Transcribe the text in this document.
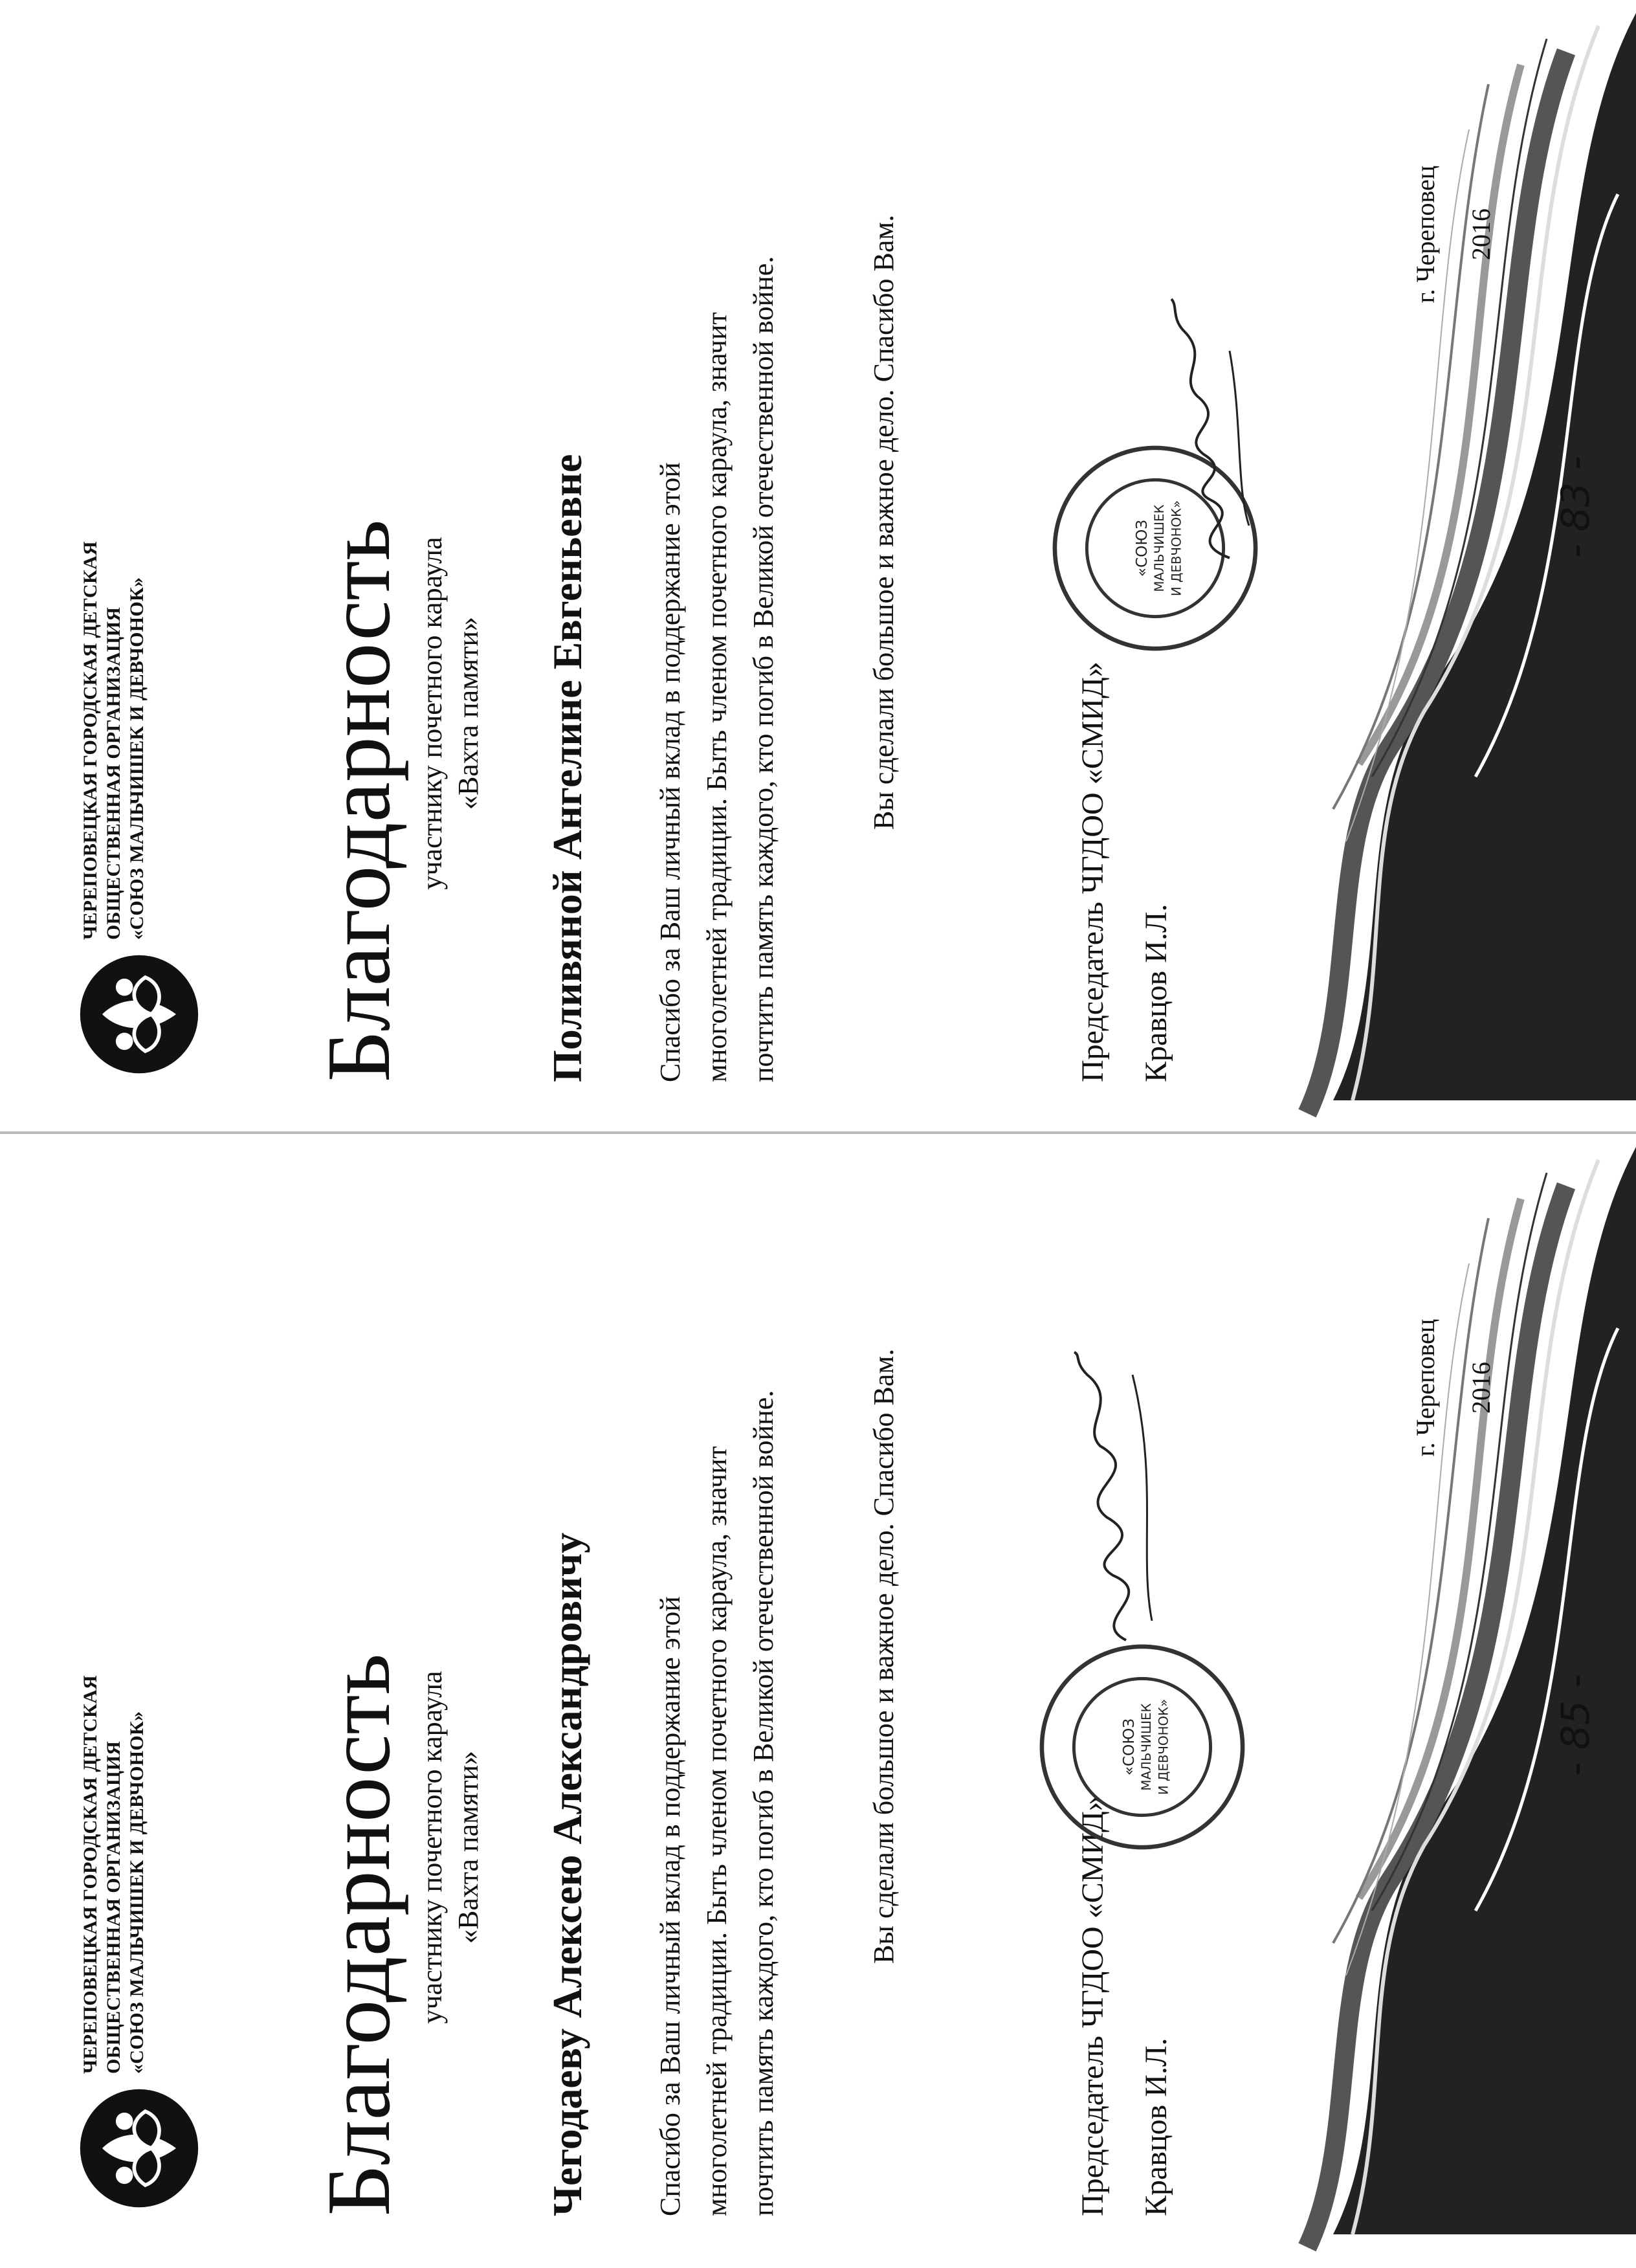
ЧЕРЕПОВЕЦКАЯ ГОРОДСКАЯ ДЕТСКАЯ ОБЩЕСТВЕННАЯ ОРГАНИЗАЦИЯ «СОЮЗ МАЛЬЧИШЕК И ДЕВЧОНОК» Благодарность участнику почетного караула «Вахта памяти» Поливяной Ангелине Евгеньевне Спасибо за Ваш личный вклад в поддержание этой многолетней традиции. Быть членом почетного караула, значит почтить память каждого, кто погиб в Великой отечественной войне.	Вы сделали большое и важное дело. Спасибо Вам.
Председатель ЧГДОО «СМИД» Кравцов И.Л.
«СОЮЗ МАЛЬЧИШЕК И ДЕВЧОНОК»
г. Череповец	2016
- 83 -
ЧЕРЕПОВЕЦКАЯ ГОРОДСКАЯ ДЕТСКАЯ ОБЩЕСТВЕННАЯ ОРГАНИЗАЦИЯ «СОЮЗ МАЛЬЧИШЕК И ДЕВЧОНОК» Благодарность участнику почетного караула «Вахта памяти» Чегодаеву Алексею Александровичу Спасибо за Ваш личный вклад в поддержание этой многолетней традиции. Быть членом почетного караула, значит почтить память каждого, кто погиб в Великой отечественной войне.	Вы сделали большое и важное дело. Спасибо Вам.
Председатель ЧГДОО «СМИД» Кравцов И.Л.
«СОЮЗ МАЛЬЧИШЕК И ДЕВЧОНОК»
г. Череповец	2016
- 85 -
